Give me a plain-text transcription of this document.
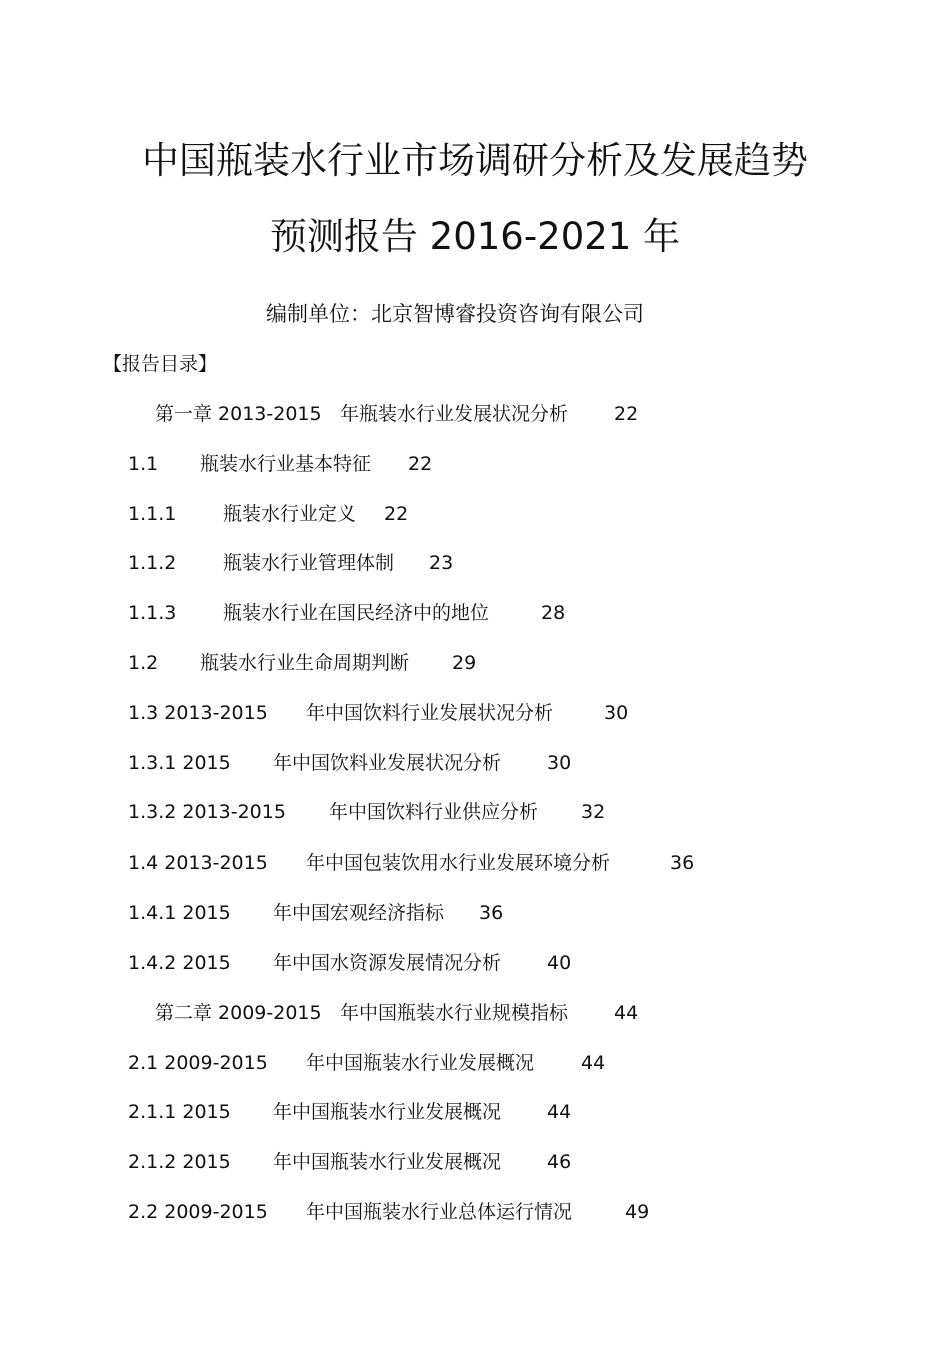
中国瓶装水行业市场调研分析及发展趋势
预测报告 2016-2021 年
编制单位：北京智博睿投资咨询有限公司
【报告目录】
第一章 2013-2015 年瓶装水行业发展状况分析 22
1.1 瓶装水行业基本特征 22
1.1.1 瓶装水行业定义 22
1.1.2 瓶装水行业管理体制 23
1.1.3 瓶装水行业在国民经济中的地位	28
1.2 瓶装水行业生命周期判断 29
1.3 2013-2015 年中国饮料行业发展状况分析	30
1.3.1 2015 年中国饮料业发展状况分析 30
1.3.2 2013-2015 年中国饮料行业供应分析 32
1.4 2013-2015 年中国包装饮用水行业发展环境分析	36
1.4.1 2015 年中国宏观经济指标 36
1.4.2 2015 年中国水资源发展情况分析 40
第二章 2009-2015 年中国瓶装水行业规模指标 44
2.1 2009-2015 年中国瓶装水行业发展概况 44
2.1.1 2015 年中国瓶装水行业发展概况 44
2.1.2 2015 年中国瓶装水行业发展概况 46
2.2 2009-2015 年中国瓶装水行业总体运行情况	49
